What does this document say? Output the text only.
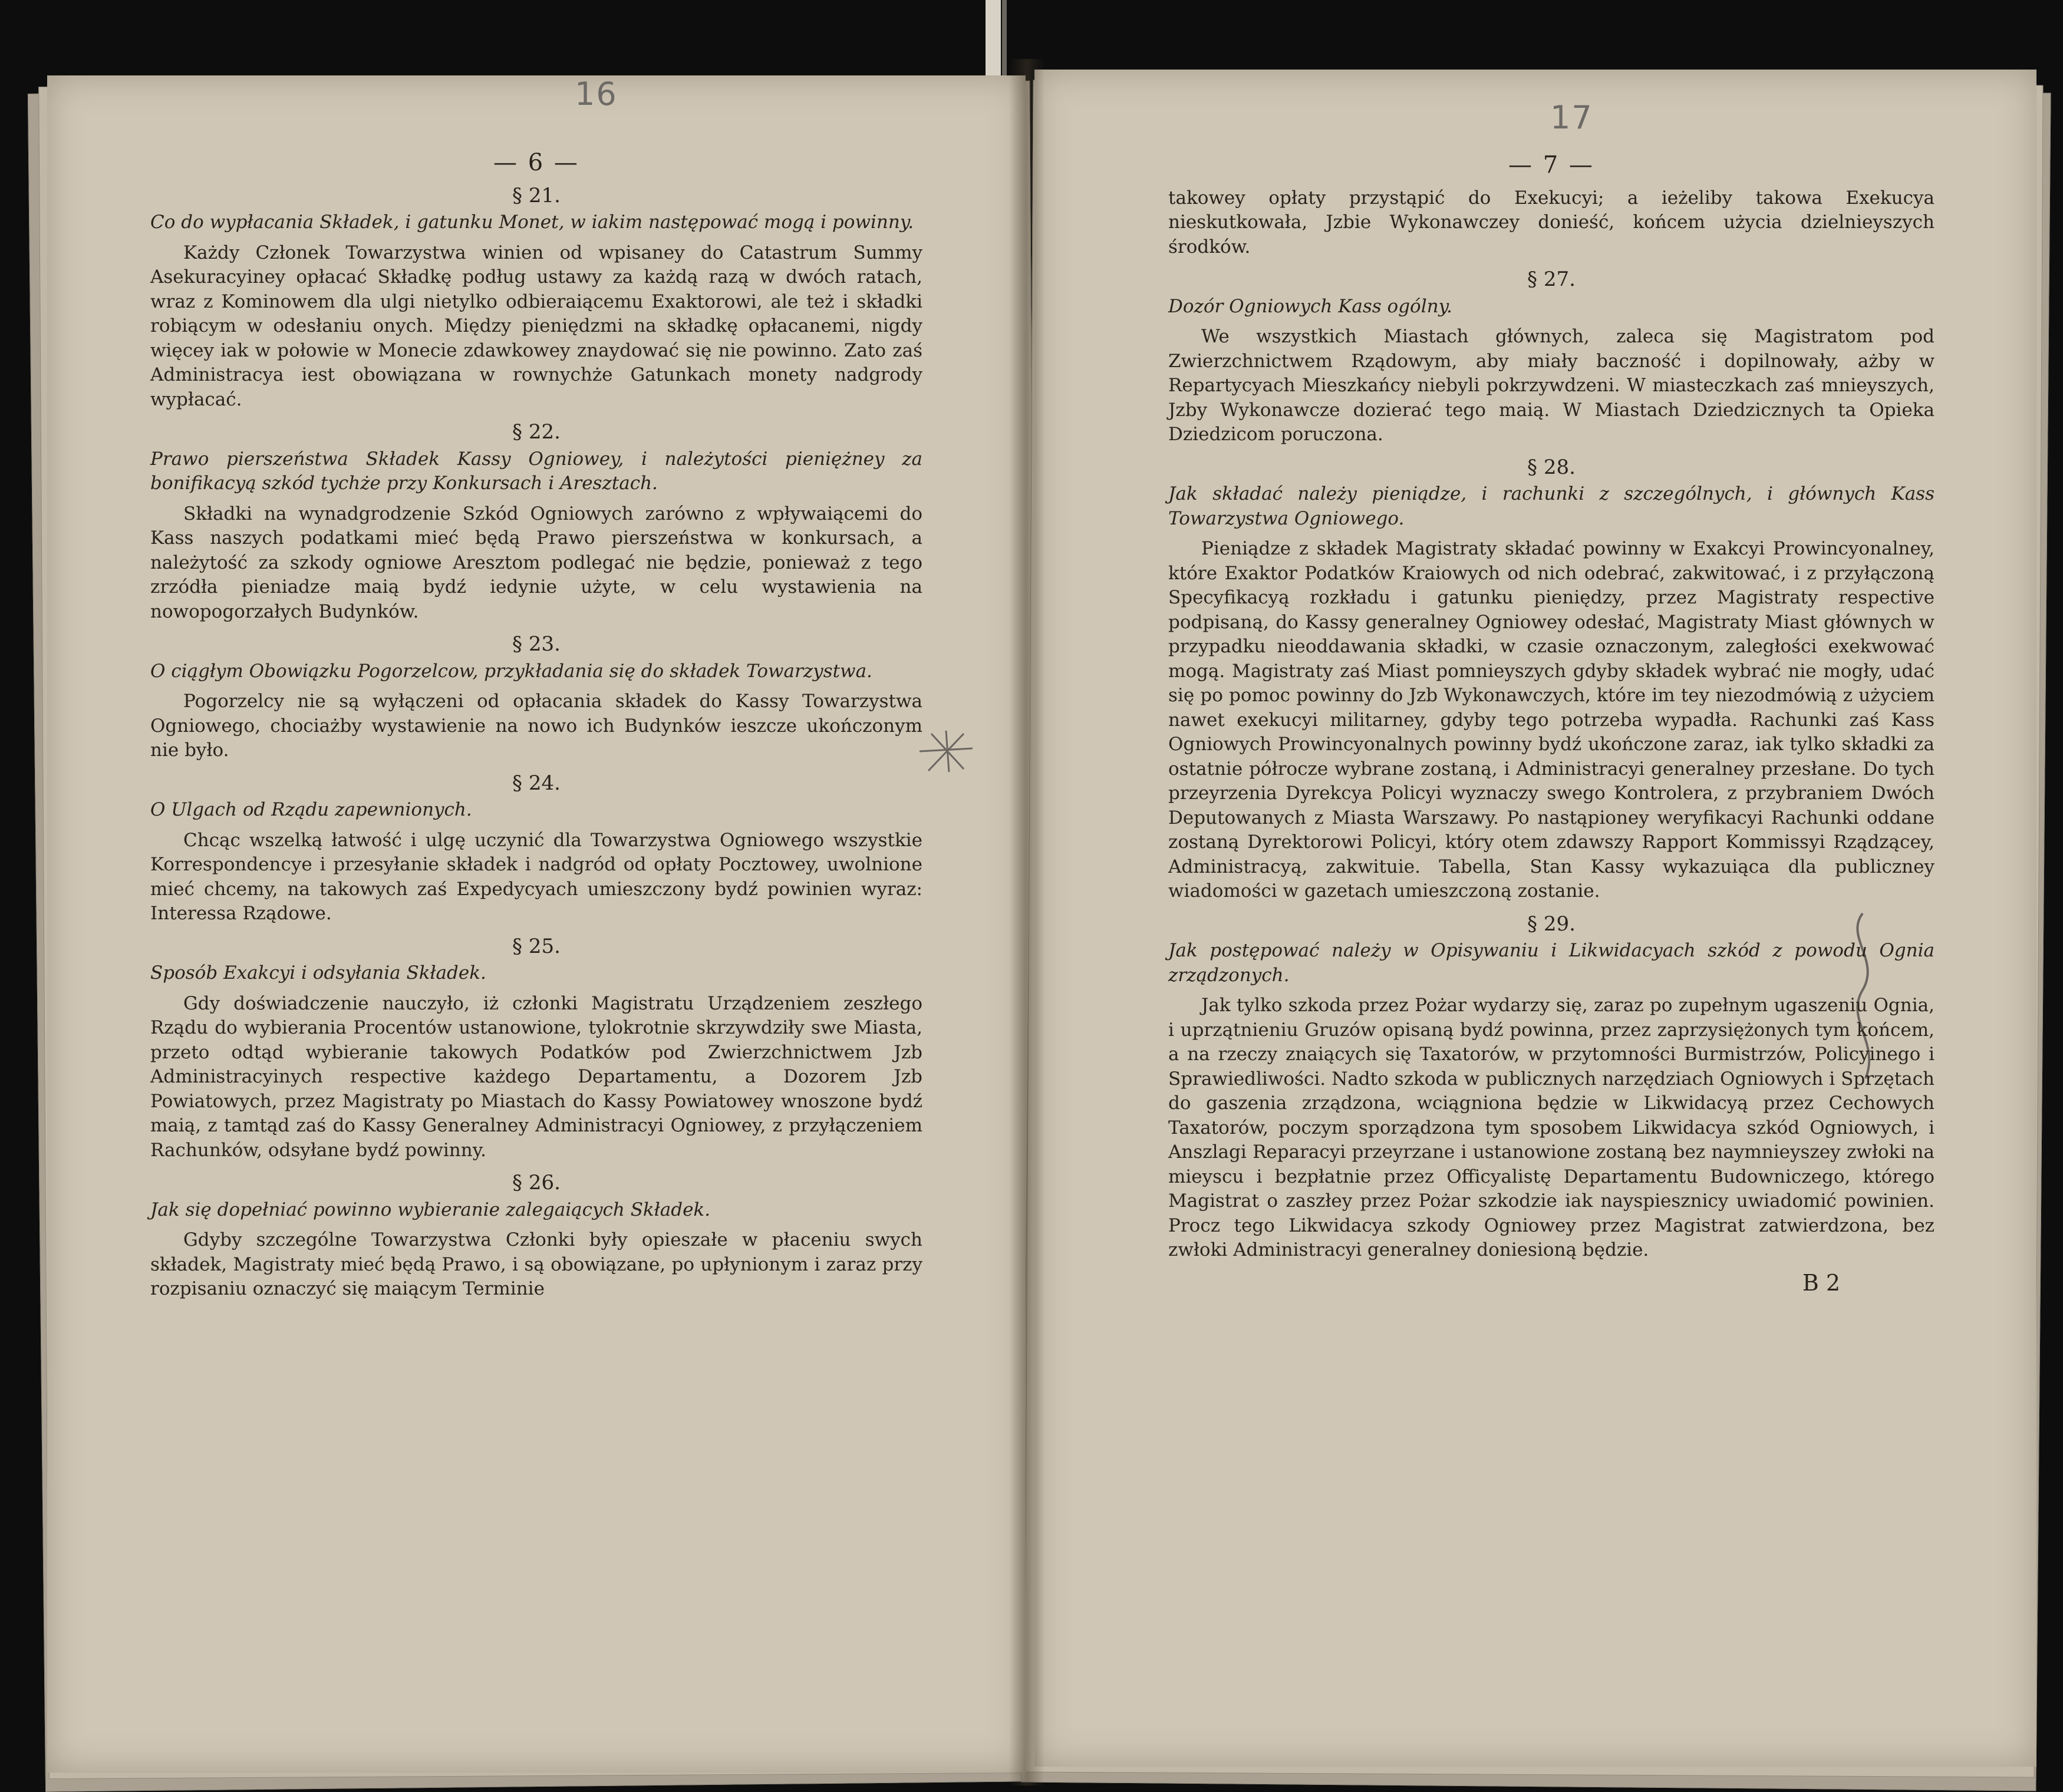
16
17
— 6 —
§ 21.
Co do wypłacania Składek, i gatunku Monet, w iakim następować mogą i powinny.
Każdy Członek Towarzystwa winien od wpisaney do Catastrum Summy Asekuracyiney opłacać Składkę podług ustawy za każdą razą w dwóch ratach, wraz z Kominowem dla ulgi nietylko odbieraiącemu Exaktorowi, ale też i składki robiącym w odesłaniu onych. Między pieniędzmi na składkę opłacanemi, nigdy więcey iak w połowie w Monecie zdawkowey znaydować się nie powinno. Zato zaś Administracya iest obowiązana w rownychże Gatunkach monety nadgrody wypłacać.
§ 22.
Prawo pierszeństwa Składek Kassy Ogniowey, i należytości pieniężney za bonifikacyą szkód tychże przy Konkursach i Aresztach.
Składki na wynadgrodzenie Szkód Ogniowych zarówno z wpływaiącemi do Kass naszych podatkami mieć będą Prawo pierszeństwa w konkursach, a należytość za szkody ogniowe Aresztom podlegać nie będzie, ponieważ z tego zrzódła pieniadze maią bydź iedynie użyte, w celu wystawienia na nowopogorzałych Budynków.
§ 23.
O ciągłym Obowiązku Pogorzelcow, przykładania się do składek Towarzystwa.
Pogorzelcy nie są wyłączeni od opłacania składek do Kassy Towarzystwa Ogniowego, chociażby wystawienie na nowo ich Budynków ieszcze ukończonym nie było.
§ 24.
O Ulgach od Rządu zapewnionych.
Chcąc wszelką łatwość i ulgę uczynić dla Towarzystwa Ogniowego wszystkie Korrespondencye i przesyłanie składek i nadgród od opłaty Pocztowey, uwolnione mieć chcemy, na takowych zaś Expedycyach umieszczony bydź powinien wyraz: Interessa Rządowe.
§ 25.
Sposób Exakcyi i odsyłania Składek.
Gdy doświadczenie nauczyło, iż członki Magistratu Urządzeniem zeszłego Rządu do wybierania Procentów ustanowione, tylokrotnie skrzywdziły swe Miasta, przeto odtąd wybieranie takowych Podatków pod Zwierzchnictwem Jzb Administracyinych respective każdego Departamentu, a Dozorem Jzb Powiatowych, przez Magistraty po Miastach do Kassy Powiatowey wnoszone bydź maią, z tamtąd zaś do Kassy Generalney Administracyi Ogniowey, z przyłączeniem Rachunków, odsyłane bydź powinny.
§ 26.
Jak się dopełniać powinno wybieranie zalegaiących Składek.
Gdyby szczególne Towarzystwa Członki były opieszałe w płaceniu swych składek, Magistraty mieć będą Prawo, i są obowiązane, po upłynionym i zaraz przy rozpisaniu oznaczyć się maiącym Terminie
— 7 —
takowey opłaty przystąpić do Exekucyi; a ieżeliby takowa Exekucya nieskutkowała, Jzbie Wykonawczey donieść, końcem użycia dzielnieyszych środków.
§ 27.
Dozór Ogniowych Kass ogólny.
We wszystkich Miastach głównych, zaleca się Magistratom pod Zwierzchnictwem Rządowym, aby miały baczność i dopilnowały, ażby w Repartycyach Mieszkańcy niebyli pokrzywdzeni. W miasteczkach zaś mnieyszych, Jzby Wykonawcze dozierać tego maią. W Miastach Dziedzicznych ta Opieka Dziedzicom poruczona.
§ 28.
Jak składać należy pieniądze, i rachunki z szczególnych, i głównych Kass Towarzystwa Ogniowego.
Pieniądze z składek Magistraty składać powinny w Exakcyi Prowincyonalney, które Exaktor Podatków Kraiowych od nich odebrać, zakwitować, i z przyłączoną Specyfikacyą rozkładu i gatunku pieniędzy, przez Magistraty respective podpisaną, do Kassy generalney Ogniowey odesłać, Magistraty Miast głównych w przypadku nieoddawania składki, w czasie oznaczonym, zaległości exekwować mogą. Magistraty zaś Miast pomnieyszych gdyby składek wybrać nie mogły, udać się po pomoc powinny do Jzb Wykonawczych, które im tey niezodmówią z użyciem nawet exekucyi militarney, gdyby tego potrzeba wypadła. Rachunki zaś Kass Ogniowych Prowincyonalnych powinny bydź ukończone zaraz, iak tylko składki za ostatnie półrocze wybrane zostaną, i Administracyi generalney przesłane. Do tych przeyrzenia Dyrekcya Policyi wyznaczy swego Kontrolera, z przybraniem Dwóch Deputowanych z Miasta Warszawy. Po nastąpioney weryfikacyi Rachunki oddane zostaną Dyrektorowi Policyi, który otem zdawszy Rapport Kommissyi Rządzącey, Administracyą, zakwituie. Tabella, Stan Kassy wykazuiąca dla publiczney wiadomości w gazetach umieszczoną zostanie.
§ 29.
Jak postępować należy w Opisywaniu i Likwidacyach szkód z powodu Ognia zrządzonych.
Jak tylko szkoda przez Pożar wydarzy się, zaraz po zupełnym ugaszeniu Ognia, i uprzątnieniu Gruzów opisaną bydź powinna, przez zaprzysiężonych tym końcem, a na rzeczy znaiących się Taxatorów, w przytomności Burmistrzów, Policyinego i Sprawiedliwości. Nadto szkoda w publicznych narzędziach Ogniowych i Sprzętach do gaszenia zrządzona, wciągniona będzie w Likwidacyą przez Cechowych Taxatorów, poczym sporządzona tym sposobem Likwidacya szkód Ogniowych, i Anszlagi Reparacyi przeyrzane i ustanowione zostaną bez naymnieyszey zwłoki na mieyscu i bezpłatnie przez Officyalistę Departamentu Budowniczego, którego Magistrat o zaszłey przez Pożar szkodzie iak nayspiesznicy uwiadomić powinien. Procz tego Likwidacya szkody Ogniowey przez Magistrat zatwierdzona, bez zwłoki Administracyi generalney doniesioną będzie.
B 2
